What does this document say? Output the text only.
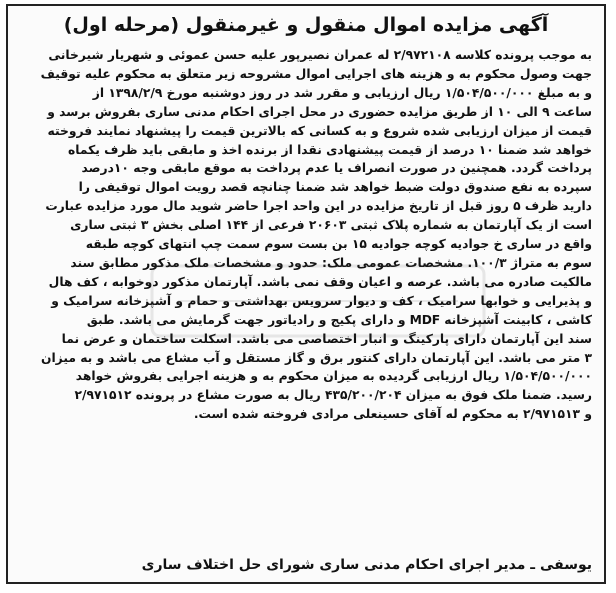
آگهی مزایده اموال منقول و غیرمنقول (مرحله اول)
به موجب پرونده کلاسه ۲/۹۷۲۱۰۸ له عمران نصیرپور علیه حسن عموئی و شهریار شیرخانی
جهت وصول محکوم به و هزینه های اجرایی اموال مشروحه زیر متعلق به محکوم علیه توقیف
و به مبلغ ۱/۵۰۴/۵۰۰/۰۰۰ ریال ارزیابی و مقرر شد در روز دوشنبه مورخ ۱۳۹۸/۲/۹ از
ساعت ۹ الی ۱۰ از طریق مزایده حضوری در محل اجرای احکام مدنی ساری بفروش برسد و
قیمت از میزان ارزیابی شده شروع و به کسانی که بالاترین قیمت را پیشنهاد نمایند فروخته
خواهد شد ضمنا ۱۰ درصد از قیمت پیشنهادی نقدا از برنده اخذ و مابقی باید ظرف یکماه
پرداخت گردد. همچنین در صورت انصراف یا عدم پرداخت به موقع مابقی وجه ۱۰درصد
سپرده به نفع صندوق دولت ضبط خواهد شد ضمنا چنانچه قصد رویت اموال توقیفی را
دارید ظرف ۵ روز قبل از تاریخ مزایده در این واحد اجرا حاضر شوید مال مورد مزایده عبارت
است از یک آپارتمان به شماره پلاک ثبتی ۲۰۶۰۳ فرعی از ۱۴۴ اصلی بخش ۳ ثبتی ساری
واقع در ساری خ جوادیه کوچه جوادیه ۱۵ بن بست سوم سمت چپ انتهای کوچه طبقه
سوم به متراژ ۱۰۰/۳. مشخصات عمومی ملک: حدود و مشخصات ملک مذکور مطابق سند
مالکیت صادره می باشد. عرصه و اعیان وقف نمی باشد. آپارتمان مذکور دوخوابه ، کف هال
و پذیرایی و خوابها سرامیک ، کف و دیوار سرویس بهداشتی و حمام و آشپزخانه سرامیک و
کاشی ، کابینت آشپزخانه MDF و دارای پکیج و رادیاتور جهت گرمایش می باشد. طبق
سند این آپارتمان دارای پارکینگ و انبار اختصاصی می باشد. اسکلت ساختمان و عرض نما
۳ متر می باشد. این آپارتمان دارای کنتور برق و گاز مستقل و آب مشاع می باشد و به میزان
۱/۵۰۴/۵۰۰/۰۰۰ ریال ارزیابی گردیده به میزان محکوم به و هزینه اجرایی بفروش خواهد
رسید. ضمنا ملک فوق به میزان ۴۳۵/۲۰۰/۲۰۴ ریال به صورت مشاع در پرونده ۲/۹۷۱۵۱۲
و ۲/۹۷۱۵۱۳ به محکوم له آقای حسینعلی مرادی فروخته شده است.
یوسفی ـ مدیر اجرای احکام مدنی ساری شورای حل اختلاف ساری
